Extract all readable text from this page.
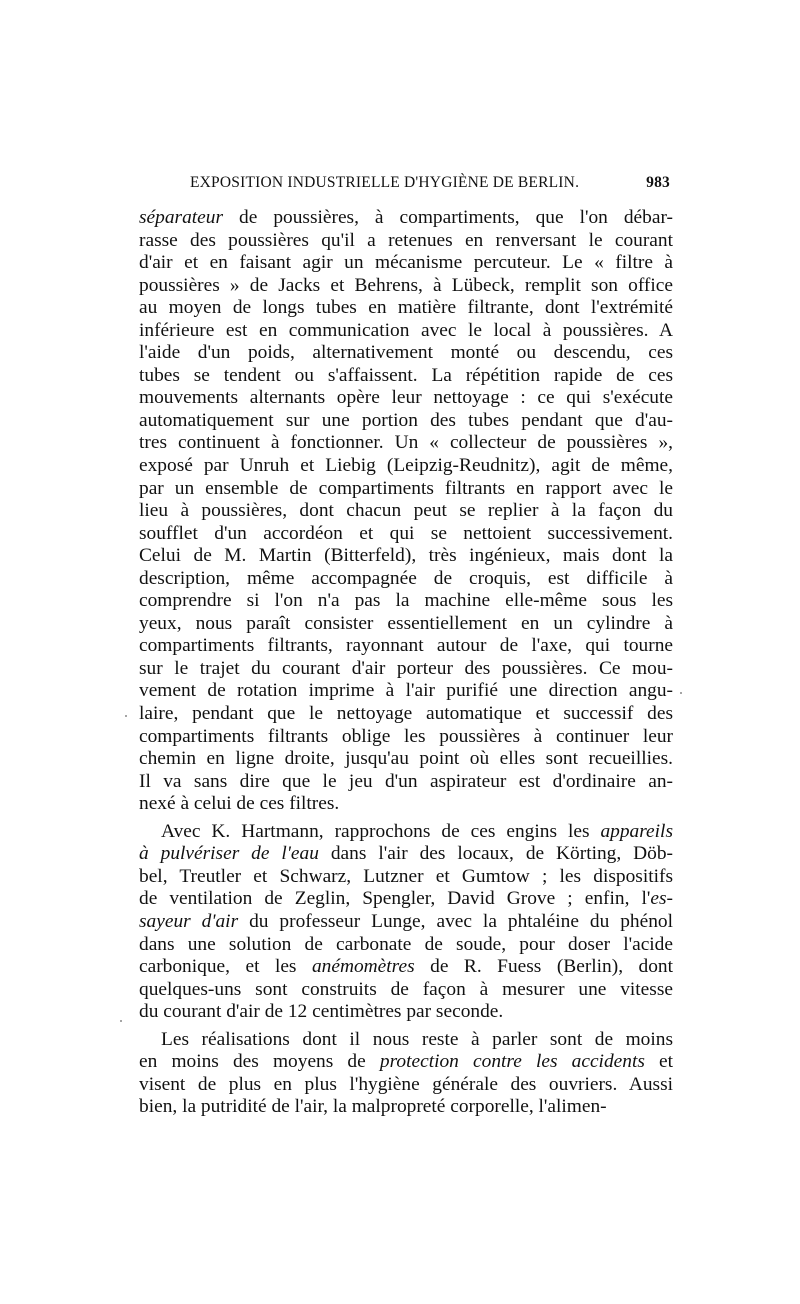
EXPOSITION INDUSTRIELLE D'HYGIÈNE DE BERLIN.	983
séparateur de poussières, à compartiments, que l'on débar-
rasse des poussières qu'il a retenues en renversant le courant
d'air et en faisant agir un mécanisme percuteur. Le « filtre à
poussières » de Jacks et Behrens, à Lübeck, remplit son office
au moyen de longs tubes en matière filtrante, dont l'extrémité
inférieure est en communication avec le local à poussières. A
l'aide d'un poids, alternativement monté ou descendu, ces
tubes se tendent ou s'affaissent. La répétition rapide de ces
mouvements alternants opère leur nettoyage : ce qui s'exécute
automatiquement sur une portion des tubes pendant que d'au-
tres continuent à fonctionner. Un « collecteur de poussières »,
exposé par Unruh et Liebig (Leipzig-Reudnitz), agit de même,
par un ensemble de compartiments filtrants en rapport avec le
lieu à poussières, dont chacun peut se replier à la façon du
soufflet d'un accordéon et qui se nettoient successivement.
Celui de M. Martin (Bitterfeld), très ingénieux, mais dont la
description, même accompagnée de croquis, est difficile à
comprendre si l'on n'a pas la machine elle-même sous les
yeux, nous paraît consister essentiellement en un cylindre à
compartiments filtrants, rayonnant autour de l'axe, qui tourne
sur le trajet du courant d'air porteur des poussières. Ce mou-
vement de rotation imprime à l'air purifié une direction angu-
laire, pendant que le nettoyage automatique et successif des
compartiments filtrants oblige les poussières à continuer leur
chemin en ligne droite, jusqu'au point où elles sont recueillies.
Il va sans dire que le jeu d'un aspirateur est d'ordinaire an-
nexé à celui de ces filtres.
Avec K. Hartmann, rapprochons de ces engins les appareils
à pulvériser de l'eau dans l'air des locaux, de Körting, Döb-
bel, Treutler et Schwarz, Lutzner et Gumtow ; les dispositifs
de ventilation de Zeglin, Spengler, David Grove ; enfin, l'es-
sayeur d'air du professeur Lunge, avec la phtaléine du phénol
dans une solution de carbonate de soude, pour doser l'acide
carbonique, et les anémomètres de R. Fuess (Berlin), dont
quelques-uns sont construits de façon à mesurer une vitesse
du courant d'air de 12 centimètres par seconde.
Les réalisations dont il nous reste à parler sont de moins
en moins des moyens de protection contre les accidents et
visent de plus en plus l'hygiène générale des ouvriers. Aussi
bien, la putridité de l'air, la malpropreté corporelle, l'alimen-
